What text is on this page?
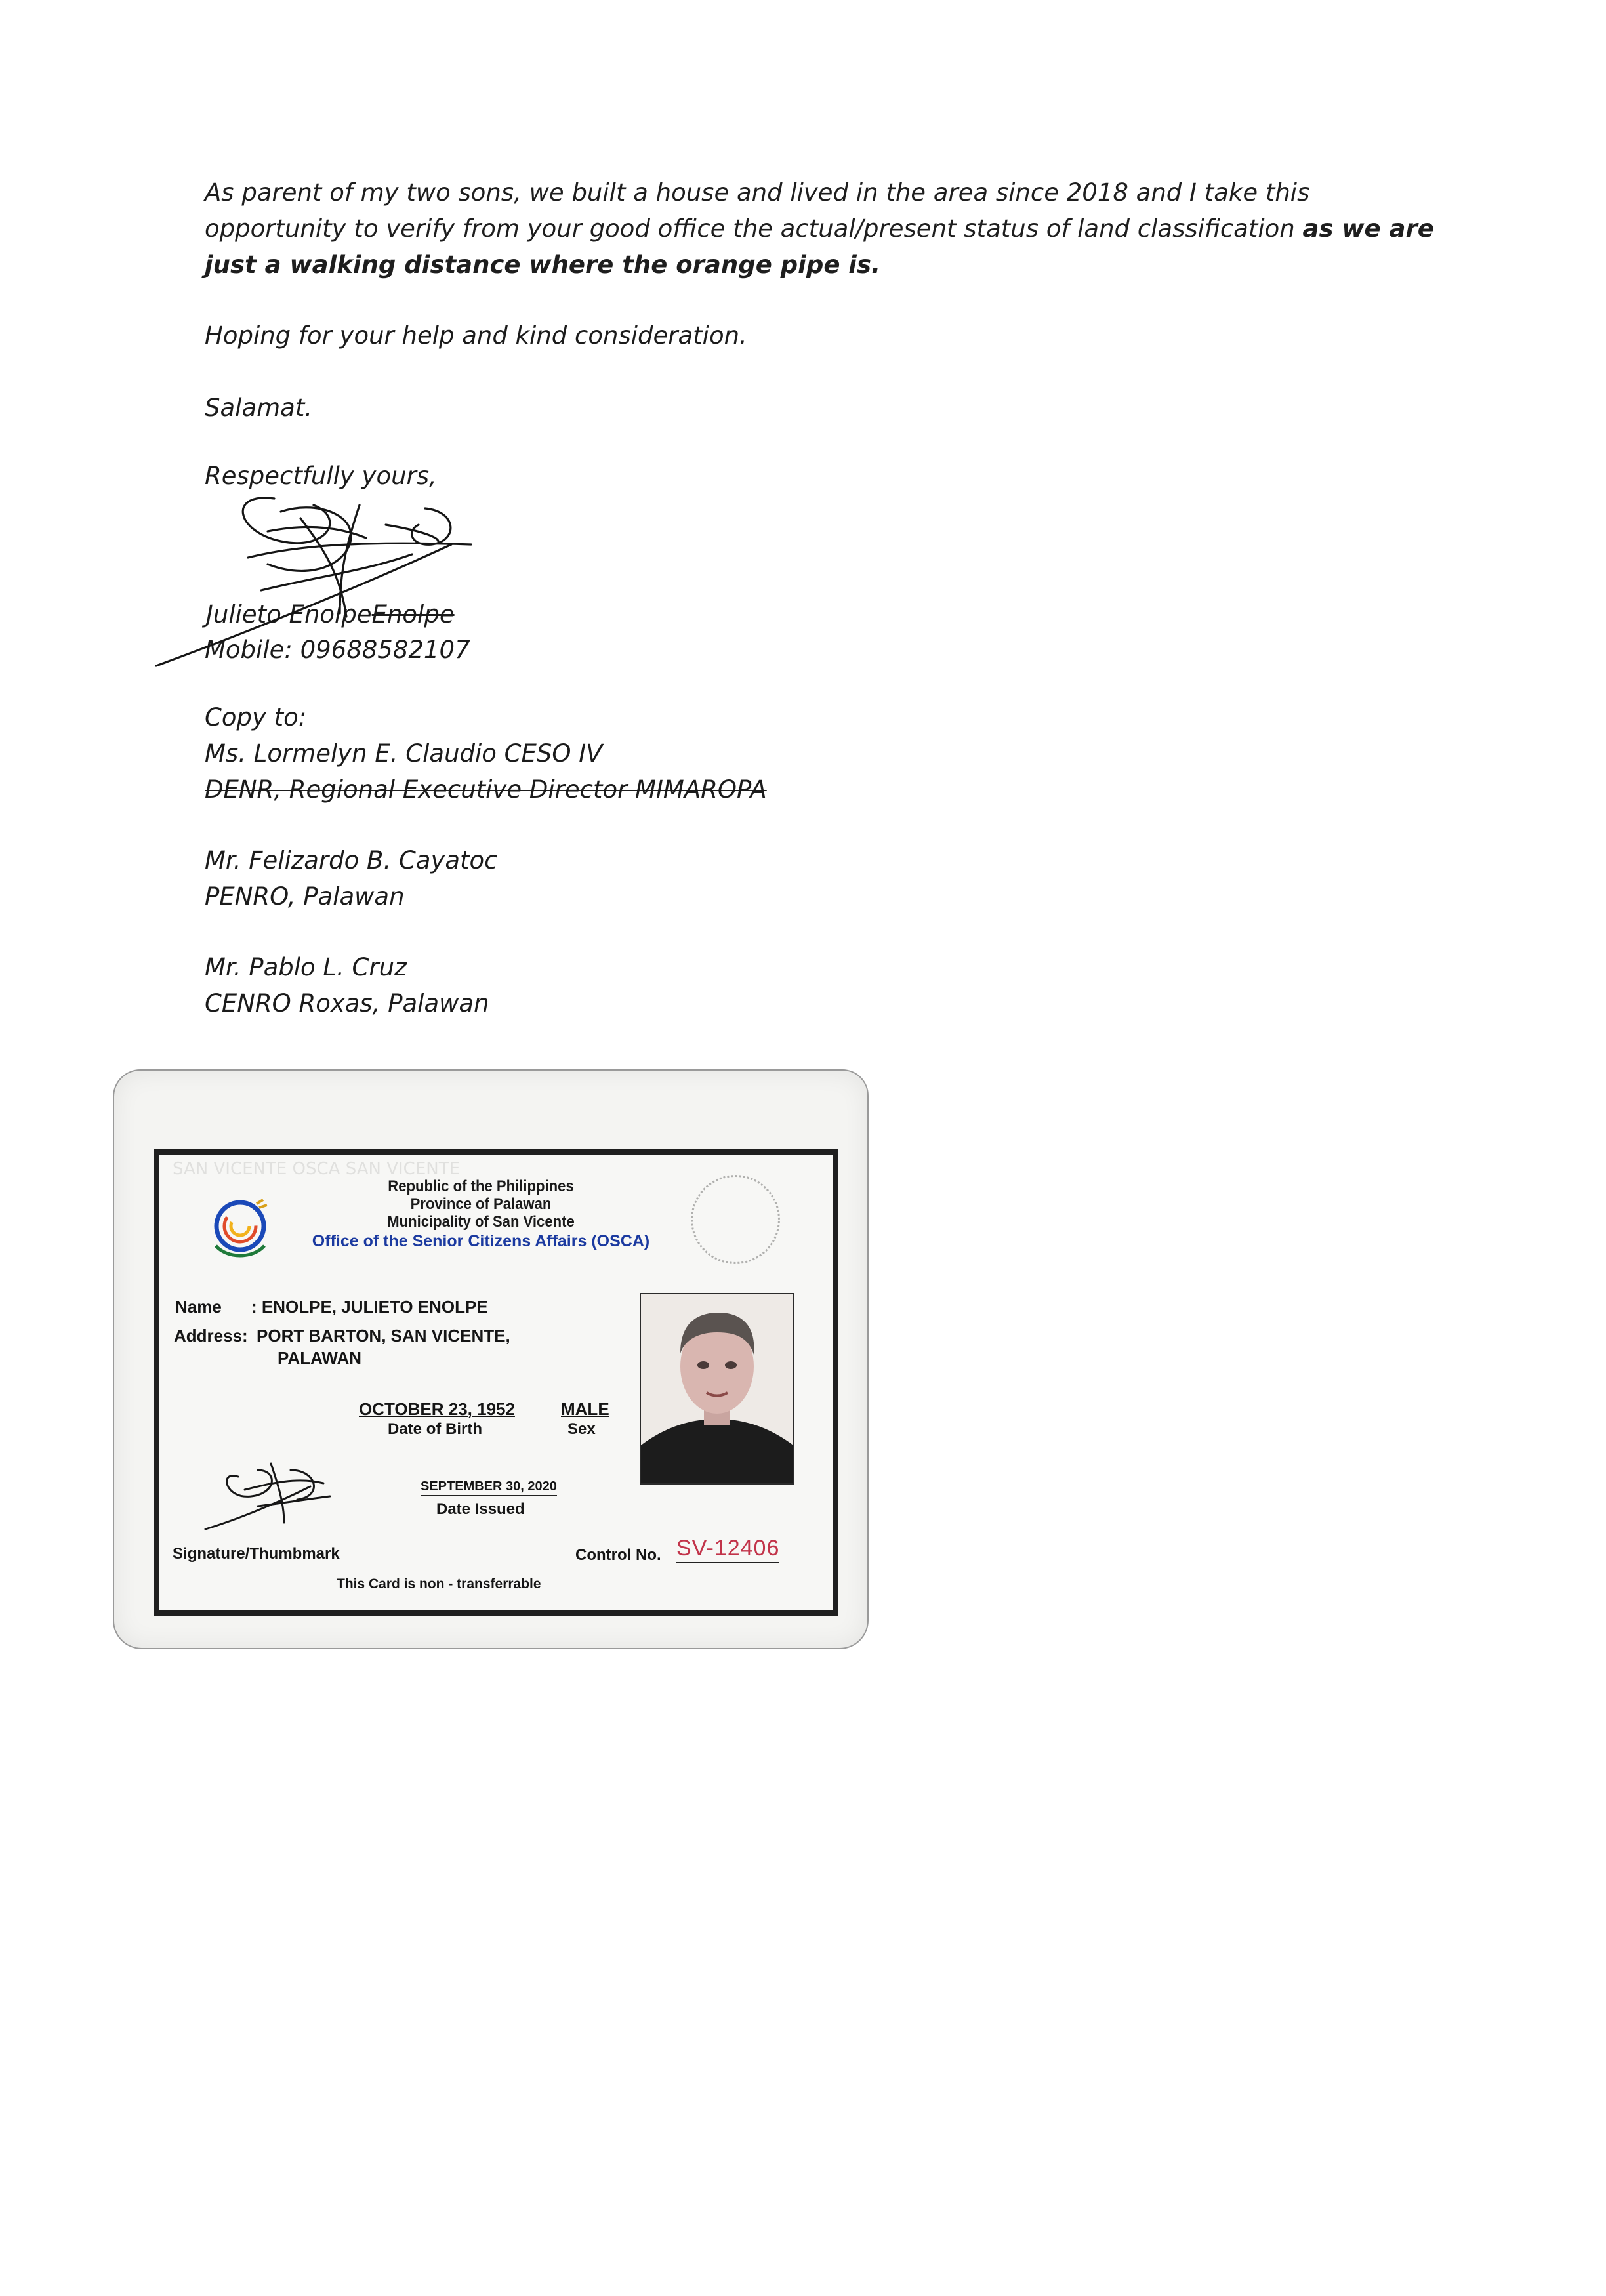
As parent of my two sons, we built a house and lived in the area since 2018 and I take this
opportunity to verify from your good office the actual/present status of land classification as we are
just a walking distance where the orange pipe is.

Hoping for your help and kind consideration.

Salamat.

Respectfully yours,

Julieto EnolpeEnolpe

Mobile: 09688582107

Copy to:
Ms. Lormelyn E. Claudio CESO IV
DENR, Regional Executive Director MIMAROPA
Mr. Felizardo B. Cayatoc
PENRO, Palawan
Mr. Pablo L. Cruz
CENRO Roxas, Palawan
SAN VICENTE OSCA SAN VICENTE
Republic of the Philippines
Province of Palawan
Municipality of San Vicente
Office of the Senior Citizens Affairs (OSCA)
Name : ENOLPE, JULIETO ENOLPE
Address: PORT BARTON, SAN VICENTE,
PALAWAN
OCTOBER 23, 1952
Date of Birth
MALE
Sex
SEPTEMBER 30, 2020
Date Issued
Signature/Thumbmark	Control No. SV-12406
This Card is non - transferrable
